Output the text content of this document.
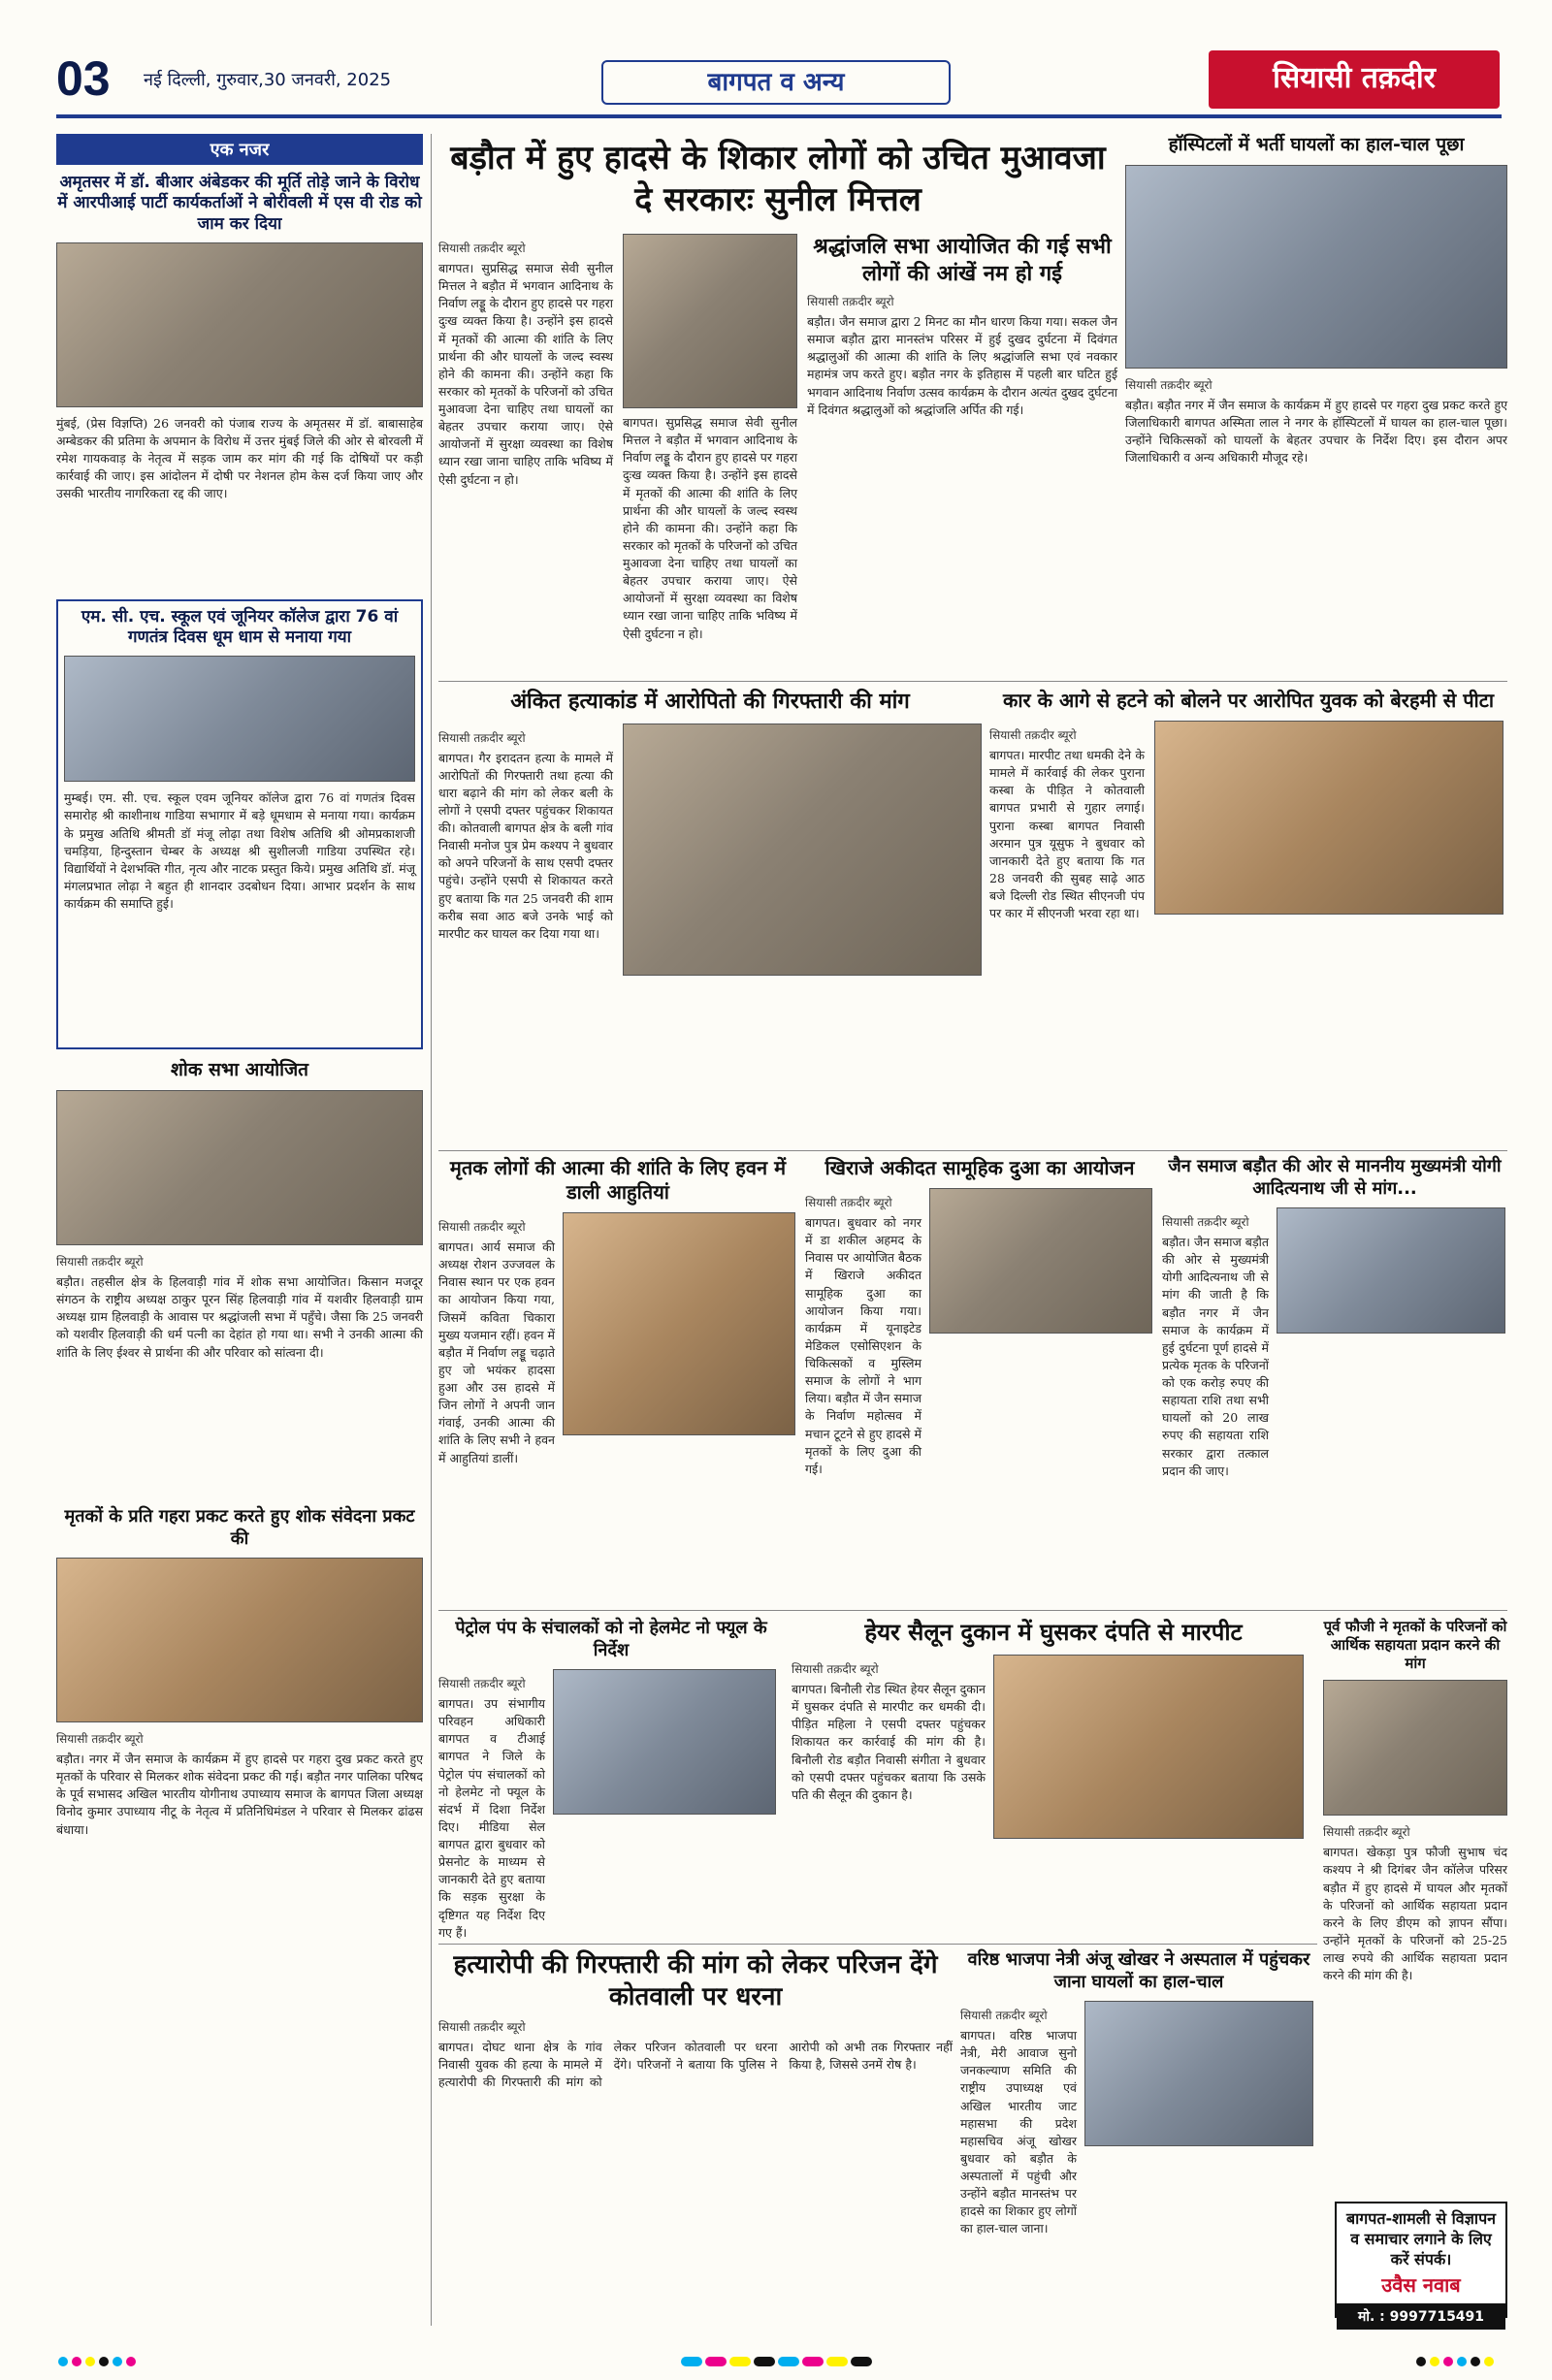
03 नई दिल्ली, गुरुवार,30 जनवरी, 2025	बागपत व अन्य	सियासी तक़दीर
एक नजर
अमृतसर में डॉ. बीआर अंबेडकर की मूर्ति तोड़े जाने के विरोध में आरपीआई पार्टी कार्यकर्ताओं ने बोरीवली में एस वी रोड को जाम कर दिया
मुंबई, (प्रेस विज्ञप्ति) 26 जनवरी को पंजाब राज्य के अमृतसर में डॉ. बाबासाहेब अम्बेडकर की प्रतिमा के अपमान के विरोध में उत्तर मुंबई जिले की ओर से बोरवली में रमेश गायकवाड़ के नेतृत्व में सड़क जाम कर मांग की गई कि दोषियों पर कड़ी कार्रवाई की जाए। इस आंदोलन में दोषी पर नेशनल होम केस दर्ज किया जाए और उसकी भारतीय नागरिकता रद्द की जाए।
एम. सी. एच. स्कूल एवं जूनियर कॉलेज द्वारा 76 वां गणतंत्र दिवस धूम धाम से मनाया गया
मुम्बई। एम. सी. एच. स्कूल एवम जूनियर कॉलेज द्वारा 76 वां गणतंत्र दिवस समारोह श्री काशीनाथ गाडिया सभागार में बड़े धूमधाम से मनाया गया। कार्यक्रम के प्रमुख अतिथि श्रीमती डॉ मंजू लोढ़ा तथा विशेष अतिथि श्री ओमप्रकाशजी चमड़िया, हिन्दुस्तान चेम्बर के अध्यक्ष श्री सुशीलजी गाडिया उपस्थित रहे। विद्यार्थियों ने देशभक्ति गीत, नृत्य और नाटक प्रस्तुत किये। प्रमुख अतिथि डॉ. मंजू मंगलप्रभात लोढ़ा ने बहुत ही शानदार उदबोधन दिया। आभार प्रदर्शन के साथ कार्यक्रम की समाप्ति हुई।
शोक सभा आयोजित
सियासी तक़दीर ब्यूरो
बड़ौत। तहसील क्षेत्र के हिलवाड़ी गांव में शोक सभा आयोजित। किसान मजदूर संगठन के राष्ट्रीय अध्यक्ष ठाकुर पूरन सिंह हिलवाड़ी गांव में यशवीर हिलवाड़ी ग्राम अध्यक्ष ग्राम हिलवाड़ी के आवास पर श्रद्धांजली सभा में पहुँचे। जैसा कि 25 जनवरी को यशवीर हिलवाड़ी की धर्म पत्नी का देहांत हो गया था। सभी ने उनकी आत्मा की शांति के लिए ईश्वर से प्रार्थना की और परिवार को सांत्वना दी।
मृतकों के प्रति गहरा प्रकट करते हुए शोक संवेदना प्रकट की
सियासी तक़दीर ब्यूरो
बड़ौत। नगर में जैन समाज के कार्यक्रम में हुए हादसे पर गहरा दुख प्रकट करते हुए मृतकों के परिवार से मिलकर शोक संवेदना प्रकट की गई। बड़ौत नगर पालिका परिषद के पूर्व सभासद अखिल भारतीय योगीनाथ उपाध्याय समाज के बागपत जिला अध्यक्ष विनोद कुमार उपाध्याय नीटू के नेतृत्व में प्रतिनिधिमंडल ने परिवार से मिलकर ढांढस बंधाया।
बड़ौत में हुए हादसे के शिकार लोगों को उचित मुआवजा दे सरकारः सुनील मित्तल
सियासी तक़दीर ब्यूरो
बागपत। सुप्रसिद्ध समाज सेवी सुनील मित्तल ने बड़ौत में भगवान आदिनाथ के निर्वाण लड्डू के दौरान हुए हादसे पर गहरा दुःख व्यक्त किया है। उन्होंने इस हादसे में मृतकों की आत्मा की शांति के लिए प्रार्थना की और घायलों के जल्द स्वस्थ होने की कामना की। उन्होंने कहा कि सरकार को मृतकों के परिजनों को उचित मुआवजा देना चाहिए तथा घायलों का बेहतर उपचार कराया जाए। ऐसे आयोजनों में सुरक्षा व्यवस्था का विशेष ध्यान रखा जाना चाहिए ताकि भविष्य में ऐसी दुर्घटना न हो।
बागपत। सुप्रसिद्ध समाज सेवी सुनील मित्तल ने बड़ौत में भगवान आदिनाथ के निर्वाण लड्डू के दौरान हुए हादसे पर गहरा दुःख व्यक्त किया है। उन्होंने इस हादसे में मृतकों की आत्मा की शांति के लिए प्रार्थना की और घायलों के जल्द स्वस्थ होने की कामना की। उन्होंने कहा कि सरकार को मृतकों के परिजनों को उचित मुआवजा देना चाहिए तथा घायलों का बेहतर उपचार कराया जाए। ऐसे आयोजनों में सुरक्षा व्यवस्था का विशेष ध्यान रखा जाना चाहिए ताकि भविष्य में ऐसी दुर्घटना न हो।
श्रद्धांजलि सभा आयोजित की गई सभी लोगों की आंखें नम हो गई
सियासी तक़दीर ब्यूरो
बड़ौत। जैन समाज द्वारा 2 मिनट का मौन धारण किया गया। सकल जैन समाज बड़ौत द्वारा मानस्तंभ परिसर में हुई दुखद दुर्घटना में दिवंगत श्रद्धालुओं की आत्मा की शांति के लिए श्रद्धांजलि सभा एवं नवकार महामंत्र जप करते हुए। बड़ौत नगर के इतिहास में पहली बार घटित हुई भगवान आदिनाथ निर्वाण उत्सव कार्यक्रम के दौरान अत्यंत दुखद दुर्घटना में दिवंगत श्रद्धालुओं को श्रद्धांजलि अर्पित की गई।
हॉस्पिटलों में भर्ती घायलों का हाल-चाल पूछा
सियासी तक़दीर ब्यूरो
बड़ौत। बड़ौत नगर में जैन समाज के कार्यक्रम में हुए हादसे पर गहरा दुख प्रकट करते हुए जिलाधिकारी बागपत अस्मिता लाल ने नगर के हॉस्पिटलों में घायल का हाल-चाल पूछा। उन्होंने चिकित्सकों को घायलों के बेहतर उपचार के निर्देश दिए। इस दौरान अपर जिलाधिकारी व अन्य अधिकारी मौजूद रहे।
अंकित हत्याकांड में आरोपितो की गिरफ्तारी की मांग
सियासी तक़दीर ब्यूरो
बागपत। गैर इरादतन हत्या के मामले में आरोपितों की गिरफ्तारी तथा हत्या की धारा बढ़ाने की मांग को लेकर बली के लोगों ने एसपी दफ्तर पहुंचकर शिकायत की। कोतवाली बागपत क्षेत्र के बली गांव निवासी मनोज पुत्र प्रेम कश्यप ने बुधवार को अपने परिजनों के साथ एसपी दफ्तर पहुंचे। उन्होंने एसपी से शिकायत करते हुए बताया कि गत 25 जनवरी की शाम करीब सवा आठ बजे उनके भाई को मारपीट कर घायल कर दिया गया था।
कार के आगे से हटने को बोलने पर आरोपित युवक को बेरहमी से पीटा
सियासी तक़दीर ब्यूरो
बागपत। मारपीट तथा धमकी देने के मामले में कार्रवाई की लेकर पुराना कस्बा के पीड़ित ने कोतवाली बागपत प्रभारी से गुहार लगाई। पुराना कस्बा बागपत निवासी अरमान पुत्र यूसुफ ने बुधवार को जानकारी देते हुए बताया कि गत 28 जनवरी की सुबह साढ़े आठ बजे दिल्ली रोड स्थित सीएनजी पंप पर कार में सीएनजी भरवा रहा था।
मृतक लोगों की आत्मा की शांति के लिए हवन में डाली आहुतियां
सियासी तक़दीर ब्यूरो
बागपत। आर्य समाज की अध्यक्ष रोशन उज्जवल के निवास स्थान पर एक हवन का आयोजन किया गया, जिसमें कविता चिकारा मुख्य यजमान रहीं। हवन में बड़ौत में निर्वाण लड्डू चढ़ाते हुए जो भयंकर हादसा हुआ और उस हादसे में जिन लोगों ने अपनी जान गंवाई, उनकी आत्मा की शांति के लिए सभी ने हवन में आहुतियां डालीं।
खिराजे अकीदत सामूहिक दुआ का आयोजन
सियासी तक़दीर ब्यूरो
बागपत। बुधवार को नगर में डा शकील अहमद के निवास पर आयोजित बैठक में खिराजे अकीदत सामूहिक दुआ का आयोजन किया गया। कार्यक्रम में यूनाइटेड मेडिकल एसोसिएशन के चिकित्सकों व मुस्लिम समाज के लोगों ने भाग लिया। बड़ौत में जैन समाज के निर्वाण महोत्सव में मचान टूटने से हुए हादसे में मृतकों के लिए दुआ की गई।
जैन समाज बड़ौत की ओर से माननीय मुख्यमंत्री योगी आदित्यनाथ जी से मांग...
सियासी तक़दीर ब्यूरो
बड़ौत। जैन समाज बड़ौत की ओर से मुख्यमंत्री योगी आदित्यनाथ जी से मांग की जाती है कि बड़ौत नगर में जैन समाज के कार्यक्रम में हुई दुर्घटना पूर्ण हादसे में प्रत्येक मृतक के परिजनों को एक करोड़ रुपए की सहायता राशि तथा सभी घायलों को 20 लाख रुपए की सहायता राशि सरकार द्वारा तत्काल प्रदान की जाए।
पेट्रोल पंप के संचालकों को नो हेलमेट नो फ्यूल के निर्देश
सियासी तक़दीर ब्यूरो
बागपत। उप संभागीय परिवहन अधिकारी बागपत व टीआई बागपत ने जिले के पेट्रोल पंप संचालकों को नो हेलमेट नो फ्यूल के संदर्भ में दिशा निर्देश दिए। मीडिया सेल बागपत द्वारा बुधवार को प्रेसनोट के माध्यम से जानकारी देते हुए बताया कि सड़क सुरक्षा के दृष्टिगत यह निर्देश दिए गए हैं।
हेयर सैलून दुकान में घुसकर दंपति से मारपीट
सियासी तक़दीर ब्यूरो
बागपत। बिनौली रोड स्थित हेयर सैलून दुकान में घुसकर दंपति से मारपीट कर धमकी दी। पीड़ित महिला ने एसपी दफ्तर पहुंचकर शिकायत कर कार्रवाई की मांग की है। बिनौली रोड बड़ौत निवासी संगीता ने बुधवार को एसपी दफ्तर पहुंचकर बताया कि उसके पति की सैलून की दुकान है।
पूर्व फौजी ने मृतकों के परिजनों को आर्थिक सहायता प्रदान करने की मांग
सियासी तक़दीर ब्यूरो
बागपत। खेकड़ा पुत्र फौजी सुभाष चंद कश्यप ने श्री दिगंबर जैन कॉलेज परिसर बड़ौत में हुए हादसे में घायल और मृतकों के परिजनों को आर्थिक सहायता प्रदान करने के लिए डीएम को ज्ञापन सौंपा। उन्होंने मृतकों के परिजनों को 25-25 लाख रुपये की आर्थिक सहायता प्रदान करने की मांग की है।
हत्यारोपी की गिरफ्तारी की मांग को लेकर परिजन देंगे कोतवाली पर धरना
सियासी तक़दीर ब्यूरो
बागपत। दोघट थाना क्षेत्र के गांव निवासी युवक की हत्या के मामले में हत्यारोपी की गिरफ्तारी की मांग को लेकर परिजन कोतवाली पर धरना देंगे। परिजनों ने बताया कि पुलिस ने आरोपी को अभी तक गिरफ्तार नहीं किया है, जिससे उनमें रोष है।
वरिष्ठ भाजपा नेत्री अंजू खोखर ने अस्पताल में पहुंचकर जाना घायलों का हाल-चाल
सियासी तक़दीर ब्यूरो
बागपत। वरिष्ठ भाजपा नेत्री, मेरी आवाज सुनो जनकल्याण समिति की राष्ट्रीय उपाध्यक्ष एवं अखिल भारतीय जाट महासभा की प्रदेश महासचिव अंजू खोखर बुधवार को बड़ौत के अस्पतालों में पहुंची और उन्होंने बड़ौत मानस्तंभ पर हादसे का शिकार हुए लोगों का हाल-चाल जाना।
बागपत-शामली से विज्ञापन व समाचार लगाने के लिए करें संपर्क।
उवैस नवाब
मो. : 9997715491
